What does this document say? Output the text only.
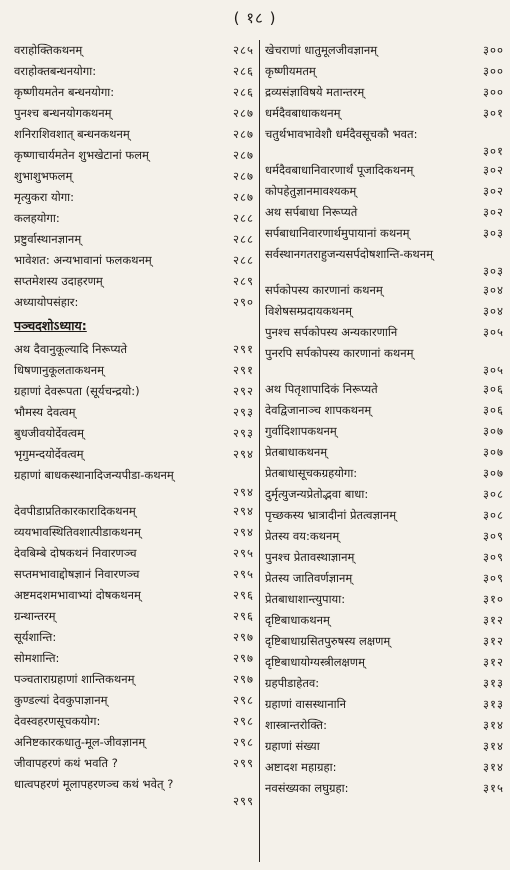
( १८ )
वराहोक्तिकथनम्	२८५
वराहोक्तबन्धनयोगा:	२८६
कृष्णीयमतेन बन्धनयोगा:	२८६
पुनश्च बन्धनयोगकथनम्	२८७
शनिराशिवशात् बन्धनकथनम्	२८७
कृष्णाचार्यमतेन शुभखेटानां फलम्	२८७
शुभाशुभफलम्	२८७
मृत्युकरा योगा:	२८७
कलहयोगा:	२८८
प्रष्टुर्वास्थानज्ञानम्	२८८
भावेशत: अन्यभावानां फलकथनम्	२८८
सप्तमेशस्य उदाहरणम्	२८९
अध्यायोपसंहार:	२९०
पञ्चदशोऽध्याय:
अथ दैवानुकूल्यादि निरूप्यते	२९१
धिषणानुकूलताकथनम्	२९१
ग्रहाणां देवरूपता (सूर्यचन्द्रयो:)	२९२
भौमस्य देवत्वम्	२९३
बुधजीवयोर्देवत्वम्	२९३
भृगुमन्दयोर्देवत्वम्	२९४
ग्रहाणां बाधकस्थानादिजन्यपीडा-कथनम्
२९४
देवपीडाप्रतिकारकारादिकथनम्	२९४
व्ययभावस्थितिवशात्पीडाकथनम्	२९४
देवबिम्बे दोषकथनं निवारणञ्च	२९५
सप्तमभावाद्दोषज्ञानं निवारणञ्च	२९५
अष्टमदशमभावाभ्यां दोषकथनम्	२९६
ग्रन्थान्तरम्	२९६
सूर्यशान्ति:	२९७
सोमशान्ति:	२९७
पञ्चताराग्रहाणां शान्तिकथनम्	२९७
कुण्डल्यां देवकुपाज्ञानम्	२९८
देवस्वहरणसूचकयोग:	२९८
अनिष्टकारकधातु-मूल-जीवज्ञानम्	२९८
जीवापहरणं कथं भवति ?	२९९
धात्वपहरणं मूलापहरणञ्च कथं भवेत् ?
२९९
खेचराणां धातुमूलजीवज्ञानम्	३००
कृष्णीयमतम्	३००
द्रव्यसंज्ञाविषये मतान्तरम्	३००
धर्मदैवबाधाकथनम्	३०१
चतुर्थभावभावेशौ धर्मदैवसूचकौ भवत:
३०१
धर्मदैवबाधानिवारणार्थं पूजादिकथनम्	३०२
कोपहेतुज्ञानमावश्यकम्	३०२
अथ सर्पबाधा निरूप्यते	३०२
सर्पबाधानिवारणार्थमुपायानां कथनम्	३०३
सर्वस्थानगतराहुजन्यसर्पदोषशान्ति-कथनम्
३०३
सर्पकोपस्य कारणानां कथनम्	३०४
विशेषसम्प्रदायकथनम्	३०४
पुनश्च सर्पकोपस्य अन्यकारणानि	३०५
पुनरपि सर्पकोपस्य कारणानां कथनम्
३०५
अथ पितृशापादिकं निरूप्यते	३०६
देवद्विजानाञ्च शापकथनम्	३०६
गुर्वादिशापकथनम्	३०७
प्रेतबाधाकथनम्	३०७
प्रेतबाधासूचकग्रहयोगा:	३०७
दुर्मृत्युजन्यप्रेतोद्भवा बाधा:	३०८
पृच्छकस्य भ्रात्रादीनां प्रेतत्वज्ञानम्	३०८
प्रेतस्य वय:कथनम्	३०९
पुनश्च प्रेतावस्थाज्ञानम्	३०९
प्रेतस्य जातिवर्णज्ञानम्	३०९
प्रेतबाधाशान्त्युपाया:	३१०
दृष्टिबाधाकथनम्	३१२
दृष्टिबाधाग्रसितपुरुषस्य लक्षणम्	३१२
दृष्टिबाधायोग्यस्त्रीलक्षणम्	३१२
ग्रहपीडाहेतव:	३१३
ग्रहाणां वासस्थानानि	३१३
शास्त्रान्तरोक्ति:	३१४
ग्रहाणां संख्या	३१४
अष्टादश महाग्रहा:	३१४
नवसंख्यका लघुग्रहा:	३१५
